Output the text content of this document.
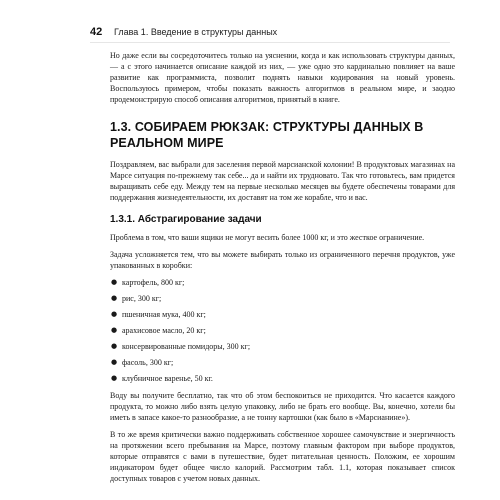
42 Глава 1. Введение в структуры данных

Но даже если вы сосредоточитесь только на уяснении, когда и как использовать структуры данных, — а с этого начинается описание каждой из них, — уже одно это кардинально повлияет на ваше развитие как программиста, позволит поднять навыки кодирования на новый уровень. Воспользуюсь примером, чтобы показать важность алгоритмов в реальном мире, и заодно продемонстрирую способ описания алгоритмов, принятый в книге.

1.3. СОБИРАЕМ РЮКЗАК: СТРУКТУРЫ ДАННЫХ В РЕАЛЬНОМ МИРЕ

Поздравляем, вас выбрали для заселения первой марсианской колонии! В продуктовых магазинах на Марсе ситуация по-прежнему так себе... да и найти их трудновато. Так что готовьтесь, вам придется выращивать себе еду. Между тем на первые несколько месяцев вы будете обеспечены товарами для поддержания жизнедеятельности, их доставят на том же корабле, что и вас.

1.3.1. Абстрагирование задачи

Проблема в том, что ваши ящики не могут весить более 1000 кг, и это жесткое ограничение.

Задача усложняется тем, что вы можете выбирать только из ограниченного перечня продуктов, уже упакованных в коробки:

● картофель, 800 кг;
● рис, 300 кг;
● пшеничная мука, 400 кг;
● арахисовое масло, 20 кг;
● консервированные помидоры, 300 кг;
● фасоль, 300 кг;
● клубничное варенье, 50 кг.

Воду вы получите бесплатно, так что об этом беспокоиться не приходится. Что касается каждого продукта, то можно либо взять целую упаковку, либо не брать его вообще. Вы, конечно, хотели бы иметь в запасе какое-то разнообразие, а не тонну картошки (как было в «Марсианине»).

В то же время критически важно поддерживать собственное хорошее самочувствие и энергичность на протяжении всего пребывания на Марсе, поэтому главным фактором при выборе продуктов, которые отправятся с вами в путешествие, будет питательная ценность. Положим, ее хорошим индикатором будет общее число калорий. Рассмотрим табл. 1.1, которая показывает список доступных товаров с учетом новых данных.
